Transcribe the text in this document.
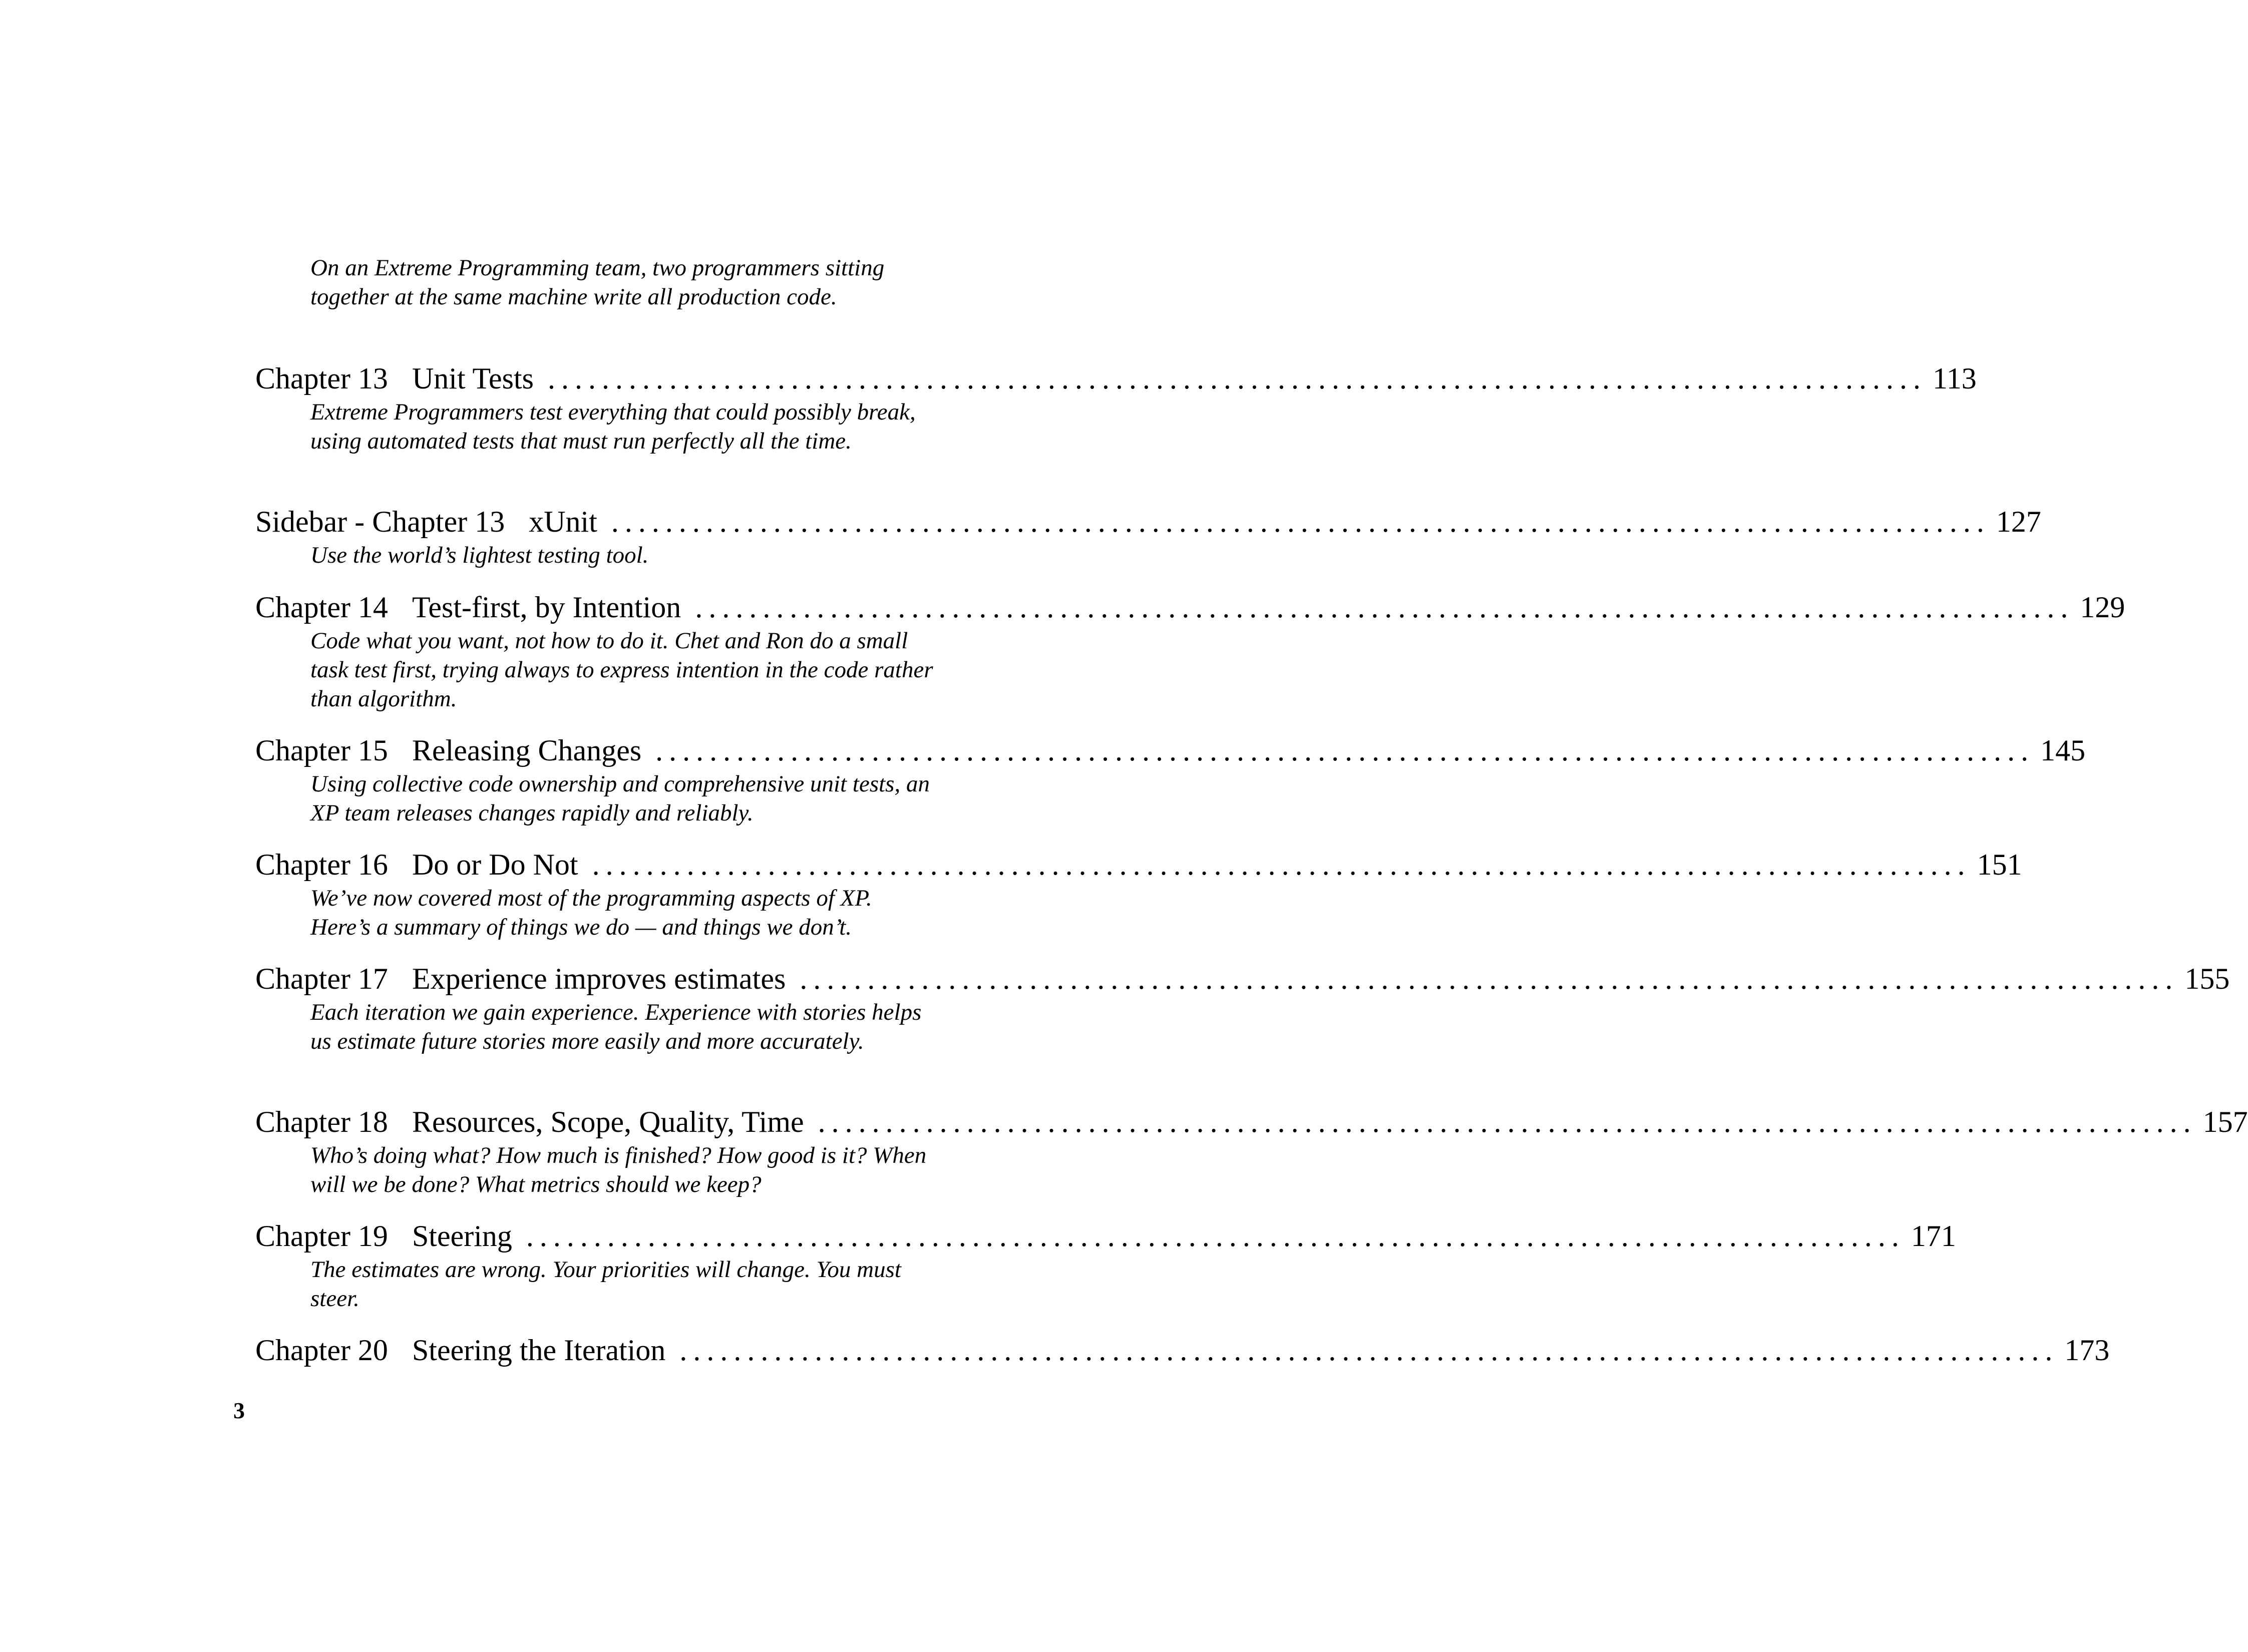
On an Extreme Programming team, two programmers sitting together at the same machine write all production code.
Chapter 13 Unit Tests ...................................................................................................... 113
Extreme Programmers test everything that could possibly break, using automated tests that must run perfectly all the time.
Sidebar - Chapter 13 xUnit ...................................................................................................... 127
Use the world’s lightest testing tool.
Chapter 14 Test-first, by Intention ...................................................................................................... 129
Code what you want, not how to do it. Chet and Ron do a small task test first, trying always to express intention in the code rather than algorithm.
Chapter 15 Releasing Changes ...................................................................................................... 145
Using collective code ownership and comprehensive unit tests, an XP team releases changes rapidly and reliably.
Chapter 16 Do or Do Not ...................................................................................................... 151
We’ve now covered most of the programming aspects of XP. Here’s a summary of things we do — and things we don’t.
Chapter 17 Experience improves estimates ...................................................................................................... 155
Each iteration we gain experience. Experience with stories helps us estimate future stories more easily and more accurately.
Chapter 18 Resources, Scope, Quality, Time ...................................................................................................... 157
Who’s doing what? How much is finished? How good is it? When will we be done? What metrics should we keep?
Chapter 19 Steering ...................................................................................................... 171
The estimates are wrong. Your priorities will change. You must steer.
Chapter 20 Steering the Iteration ...................................................................................................... 173
3
